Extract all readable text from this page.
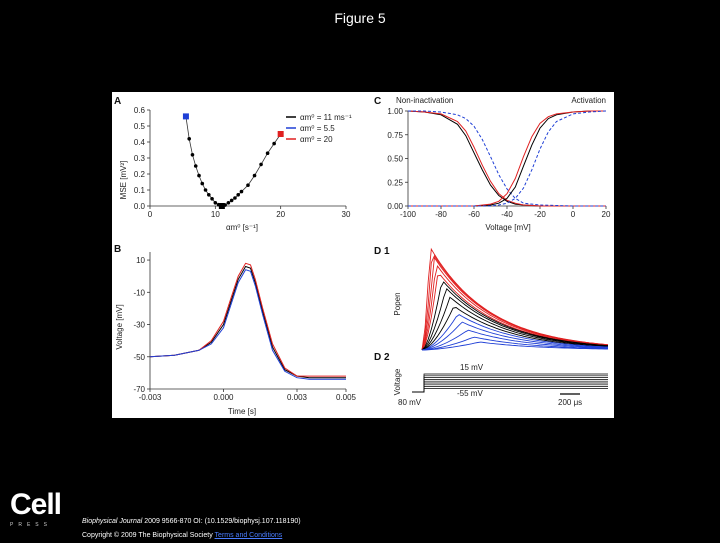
Figure 5
A
MSE [mV²]
αm⁰ [s⁻¹]
αm⁰ = 11 ms⁻¹
αm⁰ = 5.5
αm⁰ = 20
0	10	20	30
0.6
0.5
0.4
0.3
0.2
0.1
0.0
B
Voltage [mV]
Time [s]
-0.003	0.000	0.003	0.005
10
-10
-30
-50
-70
C Non-inactivation	Activation
Voltage [mV]
-100 -80	-60	-40	-20	0	20
1.00
0.75
0.50
0.25
0.00
D 1
D 2
Popen
Voltage
15 mV
-55 mV
80 mV	200 μs
Cell
PRESS	Biophysical Journal 2009 9566-870 OI: (10.1529/biophysj.107.118190)
Copyright © 2009 The Biophysical Society Terms and Conditions
